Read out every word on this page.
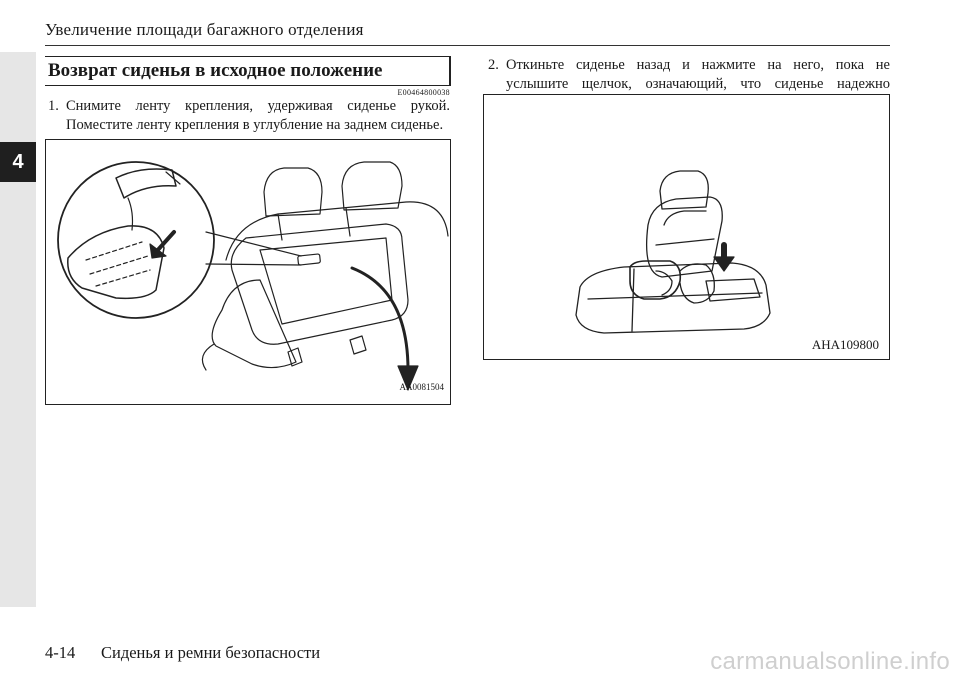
4
Увеличение площади багажного отделения
Возврат сиденья в исходное положение
E00464800038
1. Снимите ленту крепления, удерживая сиденье рукой. Поместите ленту крепления в углубление на заднем сиденье.
AA0081504
2. Откиньте сиденье назад и нажмите на него, пока не услышите щелчок, означающий, что сиденье надежно
AHA109800
4-14 Сиденья и ремни безопасности	carmanualsonline.info
